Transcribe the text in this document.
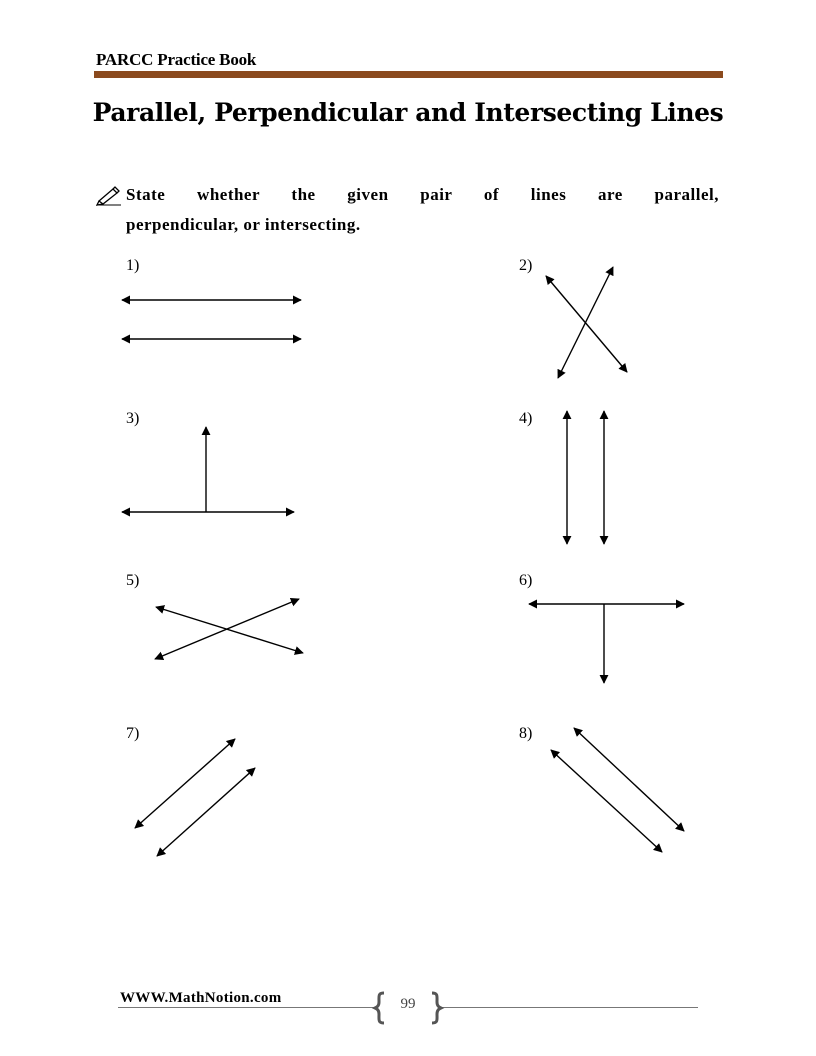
PARCC Practice Book
Parallel, Perpendicular and Intersecting Lines
State whether the given pair of lines are parallel,
perpendicular, or intersecting.
1)	2)
3)	4)
5)	6)
7)	8)
WWW.MathNotion.com	99
